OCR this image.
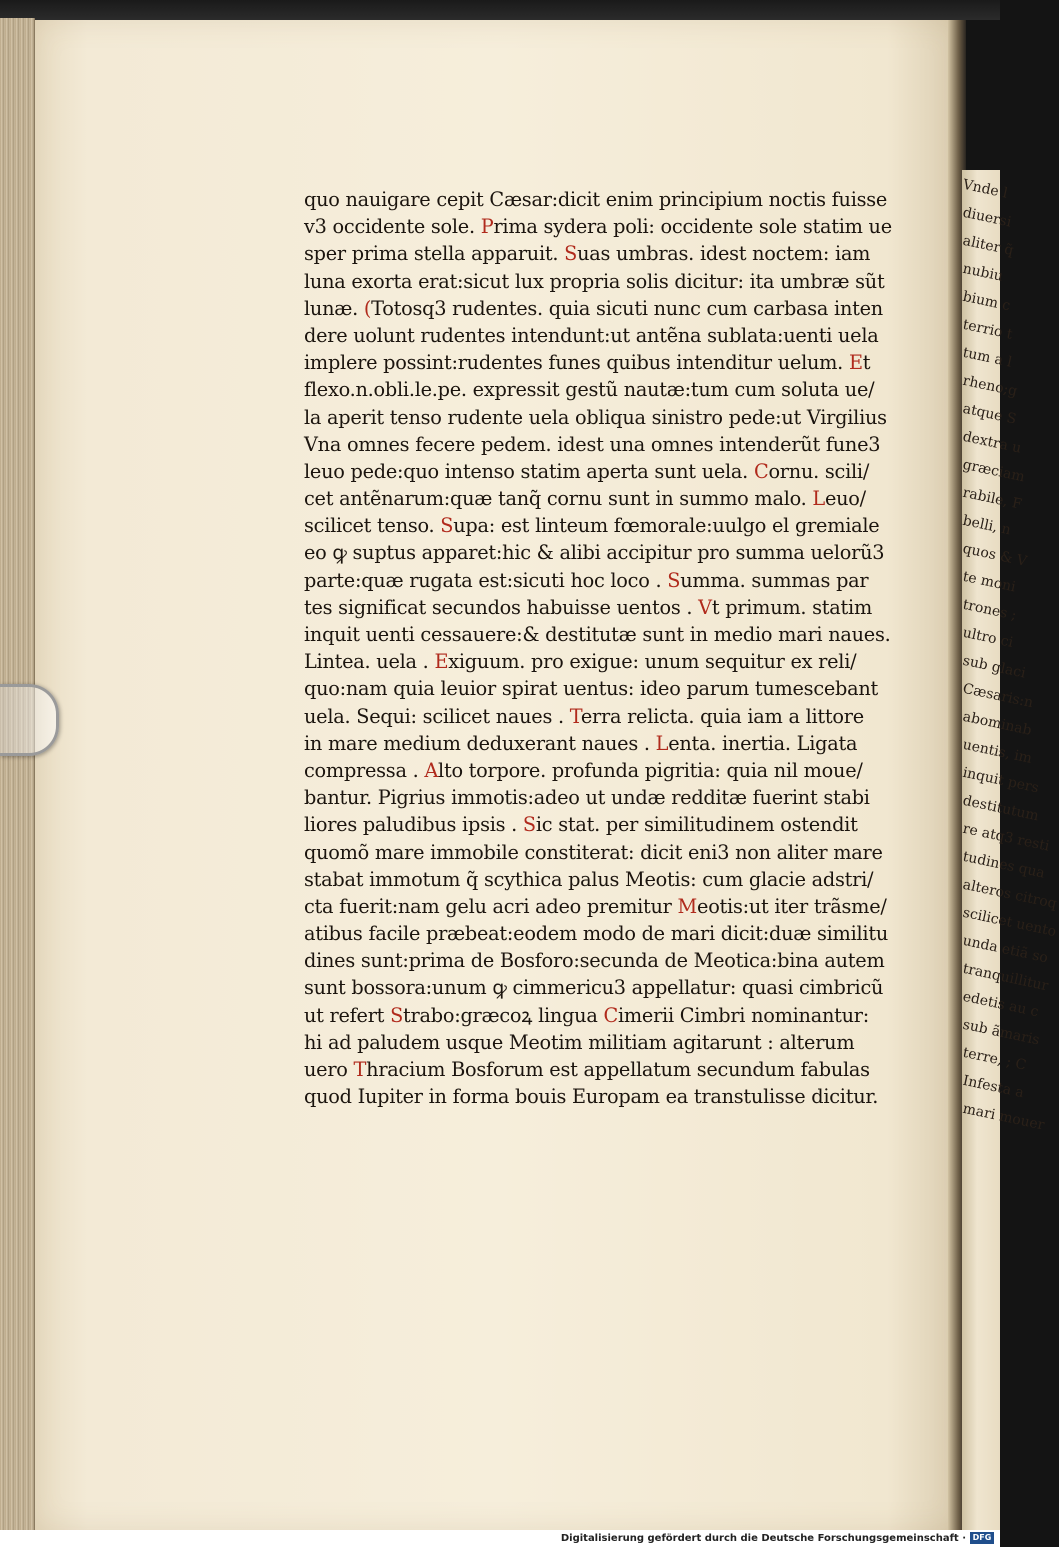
Vnde l
diuersi
aliter q̃
nubiu
bium c
terrio t
tum a l
rheno;g
atque S
dextra u
græciam
rabile, F
belli, n
quos & V
te moni
trones ;
ultro ci
sub glaci
Cæsaris:n
abominab
uentis, im
inquit pers
destitutum
re atq3 resti
tudines qua
alteros citroq
scilicet uento
unda etiã so
tranquillitur
edetis au c
sub ãmaris
terre, ; C
Infesta a
mari mouer
quo nauigare cepit Cæsar:dicit enim principium noctis fuisse
v3 occidente sole. Prima sydera poli: occidente sole statim ue
sper prima stella apparuit. Suas umbras. idest noctem: iam
luna exorta erat:sicut lux propria solis dicitur: ita umbræ sũt
lunæ. (Totosq3 rudentes. quia sicuti nunc cum carbasa inten
dere uolunt rudentes intendunt:ut antẽna sublata:uenti uela
implere possint:rudentes funes quibus intenditur uelum. Et
flexo.n.obli.le.pe. expressit gestũ nautæ:tum cum soluta ue/
la aperit tenso rudente uela obliqua sinistro pede:ut Virgilius
Vna omnes fecere pedem. idest una omnes intenderũt fune3
leuo pede:quo intenso statim aperta sunt uela. Cornu. scili/
cet antẽnarum:quæ tanq̃ cornu sunt in summo malo. Leuo/
scilicet tenso. Supa: est linteum fœmorale:uulgo el gremiale
eo ꝙ suptus apparet:hic & alibi accipitur pro summa uelorũ3
parte:quæ rugata est:sicuti hoc loco . Summa. summas par
tes significat secundos habuisse uentos . Vt primum. statim
inquit uenti cessauere:& destitutæ sunt in medio mari naues.
Lintea. uela . Exiguum. pro exigue: unum sequitur ex reli/
quo:nam quia leuior spirat uentus: ideo parum tumescebant
uela. Sequi: scilicet naues . Terra relicta. quia iam a littore
in mare medium deduxerant naues . Lenta. inertia. Ligata
compressa . Alto torpore. profunda pigritia: quia nil moue/
bantur. Pigrius immotis:adeo ut undæ redditæ fuerint stabi
liores paludibus ipsis . Sic stat. per similitudinem ostendit
quomõ mare immobile constiterat: dicit eni3 non aliter mare
stabat immotum q̃ scythica palus Meotis: cum glacie adstri/
cta fuerit:nam gelu acri adeo premitur Meotis:ut iter trãsme/
atibus facile præbeat:eodem modo de mari dicit:duæ similitu
dines sunt:prima de Bosforo:secunda de Meotica:bina autem
sunt bossora:unum ꝙ cimmericu3 appellatur: quasi cimbricũ
ut refert Strabo:græcoꝝ lingua Cimerii Cimbri nominantur:
hi ad paludem usque Meotim militiam agitarunt : alterum
uero Thracium Bosforum est appellatum secundum fabulas
quod Iupiter in forma bouis Europam ea transtulisse dicitur.
Digitalisierung gefördert durch die Deutsche Forschungsgemeinschaft · DFG
